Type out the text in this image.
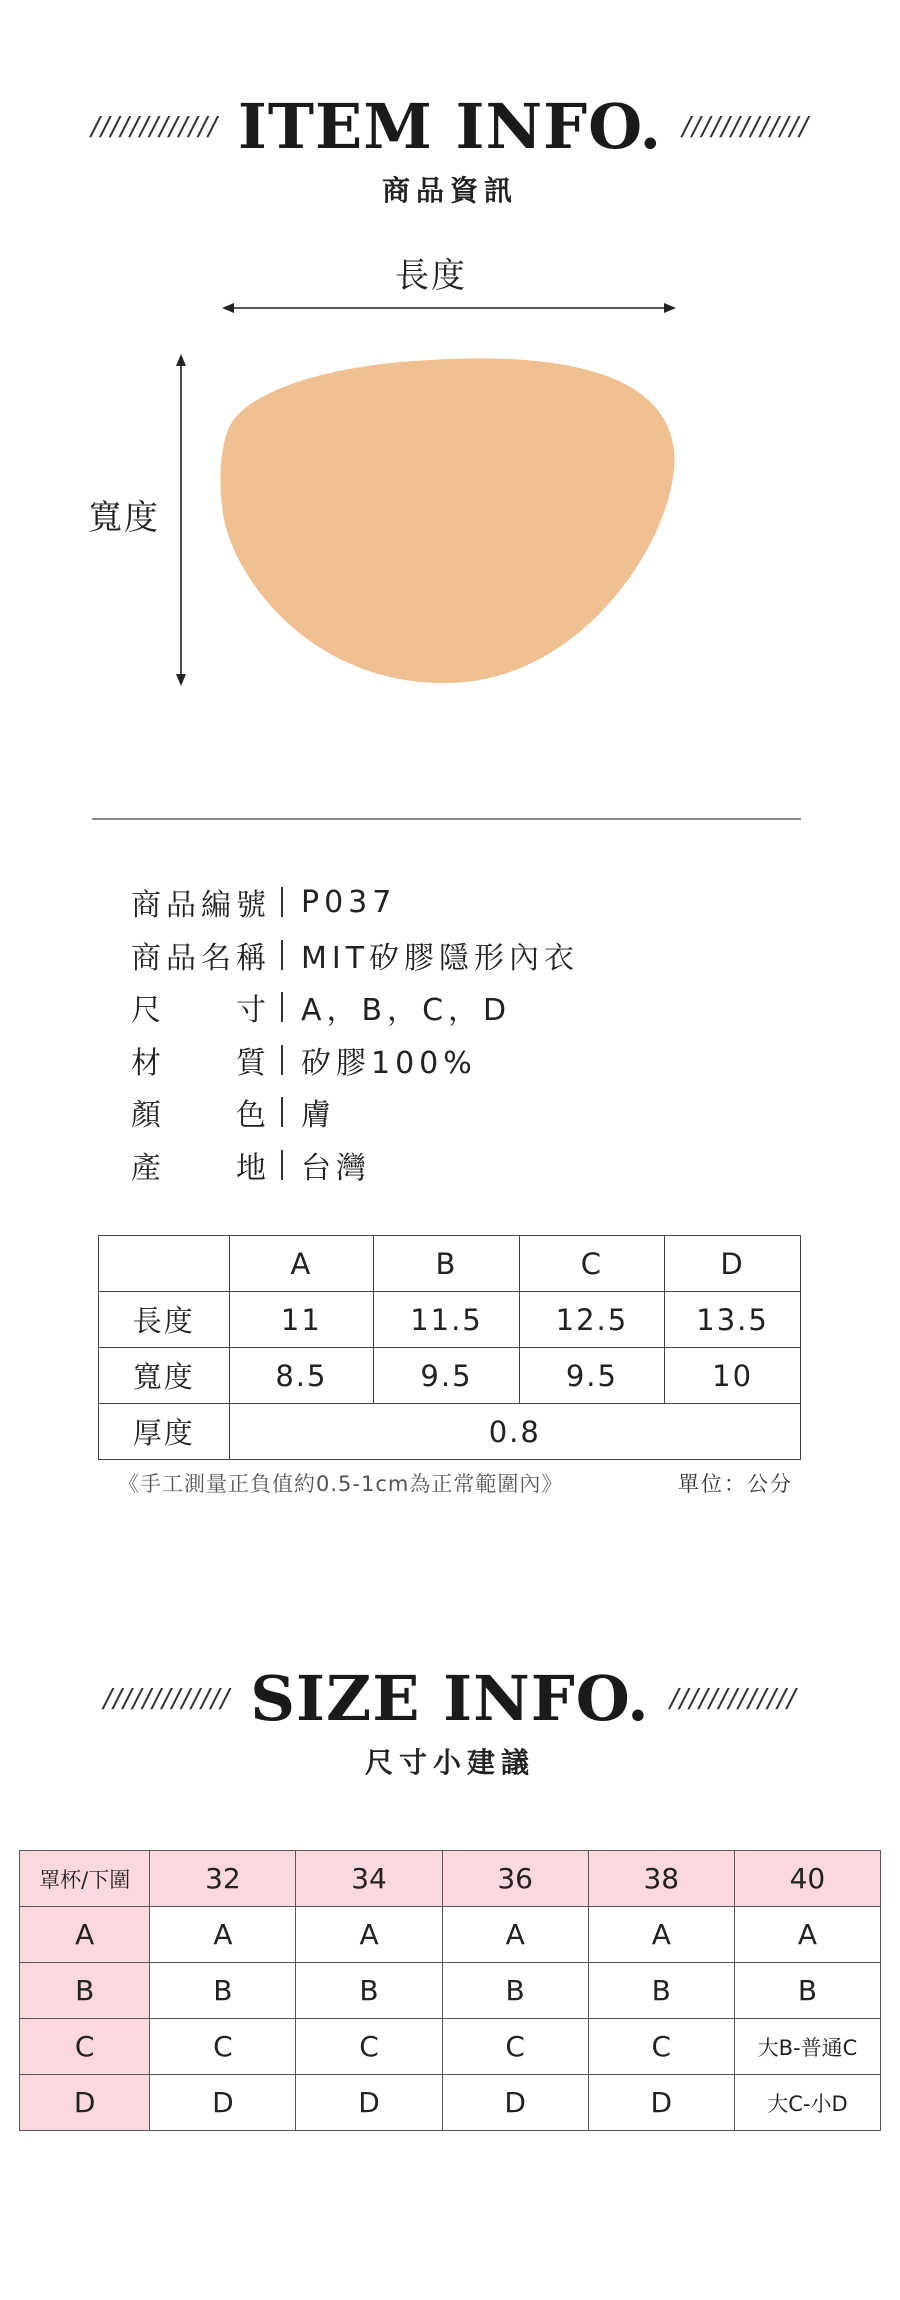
///////////// ITEM INFO. /////////////
商品資訊
長度
寬度
商 品 編 號 P037
商 品 名 稱 MIT矽膠隱形內衣
尺 寸 A，B，C，D
材 質 矽膠100%
顏 色 膚
產 地 台灣
	A	B	C	D
長度	11	11.5	12.5	13.5
寬度	8.5	9.5	9.5	10
厚度	0.8			
《手工測量正負值約0.5-1cm為正常範圍內》	單位：公分
///////////// SIZE INFO. /////////////
尺寸小建議
罩杯/下圍	32	34	36	38	40
A	A	A	A	A	A
B	B	B	B	B	B
C	C	C	C	C	大B-普通C
D	D	D	D	D	大C-小D
